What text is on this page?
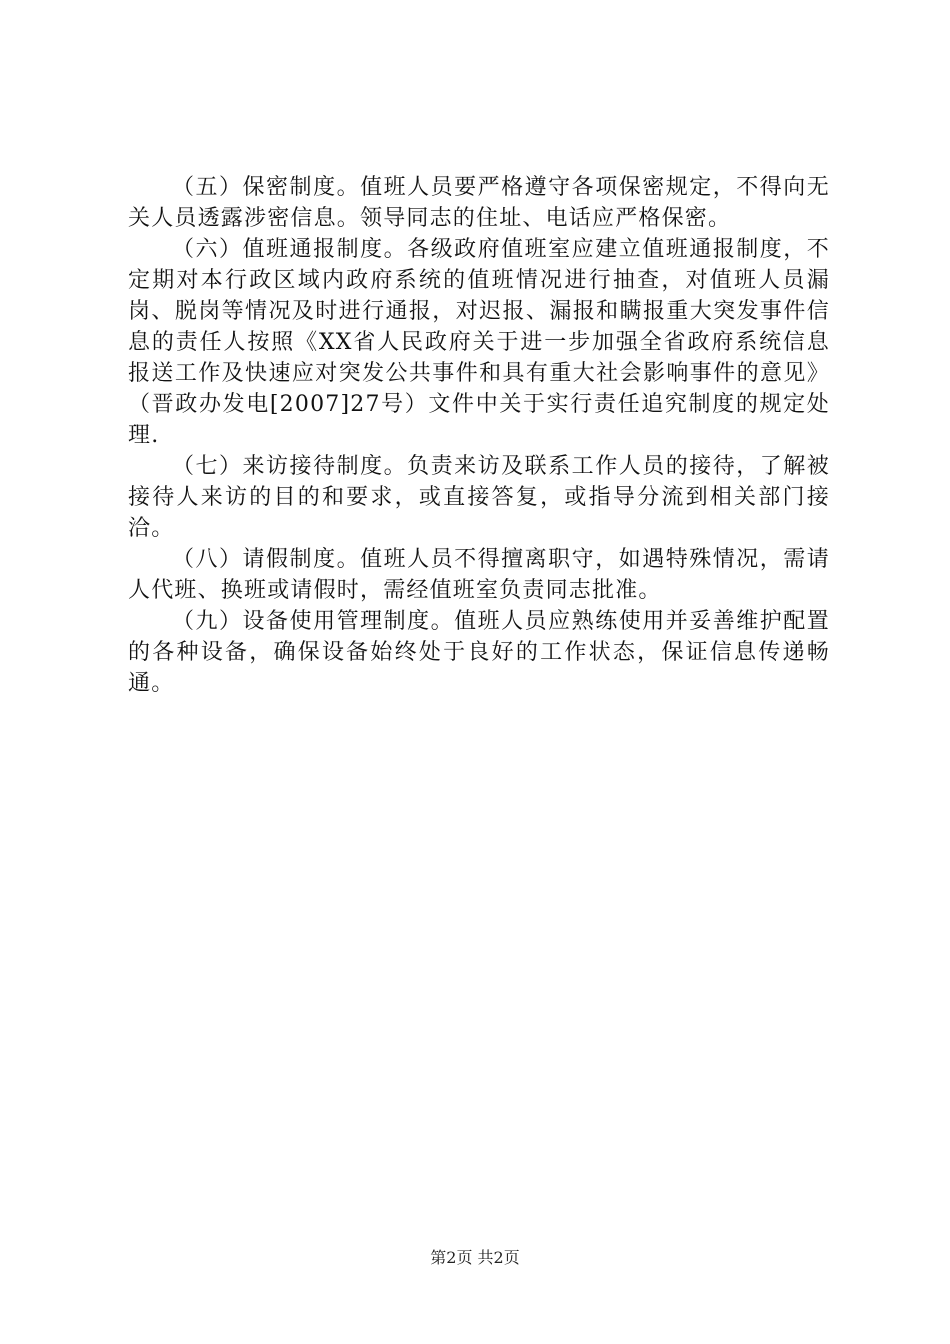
（五）保密制度。值班人员要严格遵守各项保密规定，不得向无关人员透露涉密信息。领导同志的住址、电话应严格保密。

（六）值班通报制度。各级政府值班室应建立值班通报制度，不定期对本行政区域内政府系统的值班情况进行抽查，对值班人员漏岗、脱岗等情况及时进行通报，对迟报、漏报和瞒报重大突发事件信息的责任人按照《XX省人民政府关于进一步加强全省政府系统信息报送工作及快速应对突发公共事件和具有重大社会影响事件的意见》（晋政办发电[2007]27号）文件中关于实行责任追究制度的规定处理.

（七）来访接待制度。负责来访及联系工作人员的接待，了解被接待人来访的目的和要求，或直接答复，或指导分流到相关部门接洽。

（八）请假制度。值班人员不得擅离职守，如遇特殊情况，需请人代班、换班或请假时，需经值班室负责同志批准。

（九）设备使用管理制度。值班人员应熟练使用并妥善维护配置的各种设备，确保设备始终处于良好的工作状态，保证信息传递畅通。

第2页 共2页
